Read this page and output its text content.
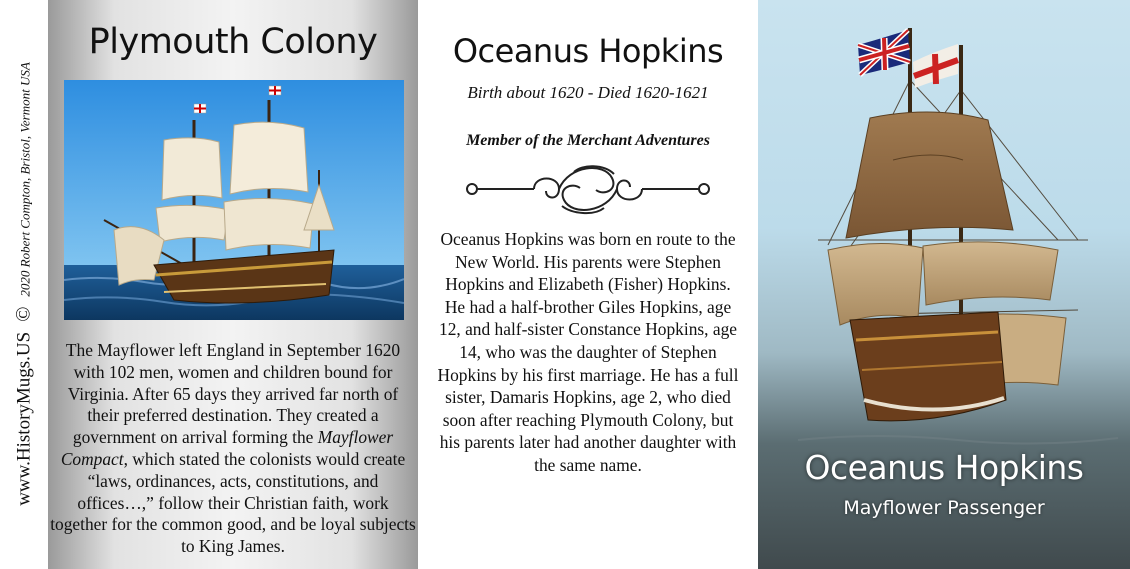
www.HistoryMugs.US
©
2020 Robert Compton, Bristol, Vermont USA
Plymouth Colony
The Mayflower left England in September 1620 with 102 men, women and children bound for Virginia. After 65 days they arrived far north of their preferred destination. They created a government on arrival forming the Mayflower Compact, which stated the colonists would create “laws, ordinances, acts, constitutions, and offices…,” follow their Christian faith, work together for the common good, and be loyal subjects to King James.
Oceanus Hopkins
Birth about 1620 - Died 1620-1621
Member of the Merchant Adventures
Oceanus Hopkins was born en route to the New World. His parents were Stephen Hopkins and Elizabeth (Fisher) Hopkins. He had a half-brother Giles Hopkins, age 12, and half-sister Constance Hopkins, age 14, who was the daughter of Stephen Hopkins by his first marriage. He has a full sister, Damaris Hopkins, age 2, who died soon after reaching Plymouth Colony, but his parents later had another daughter with the same name.	Oceanus Hopkins
Mayflower Passenger
